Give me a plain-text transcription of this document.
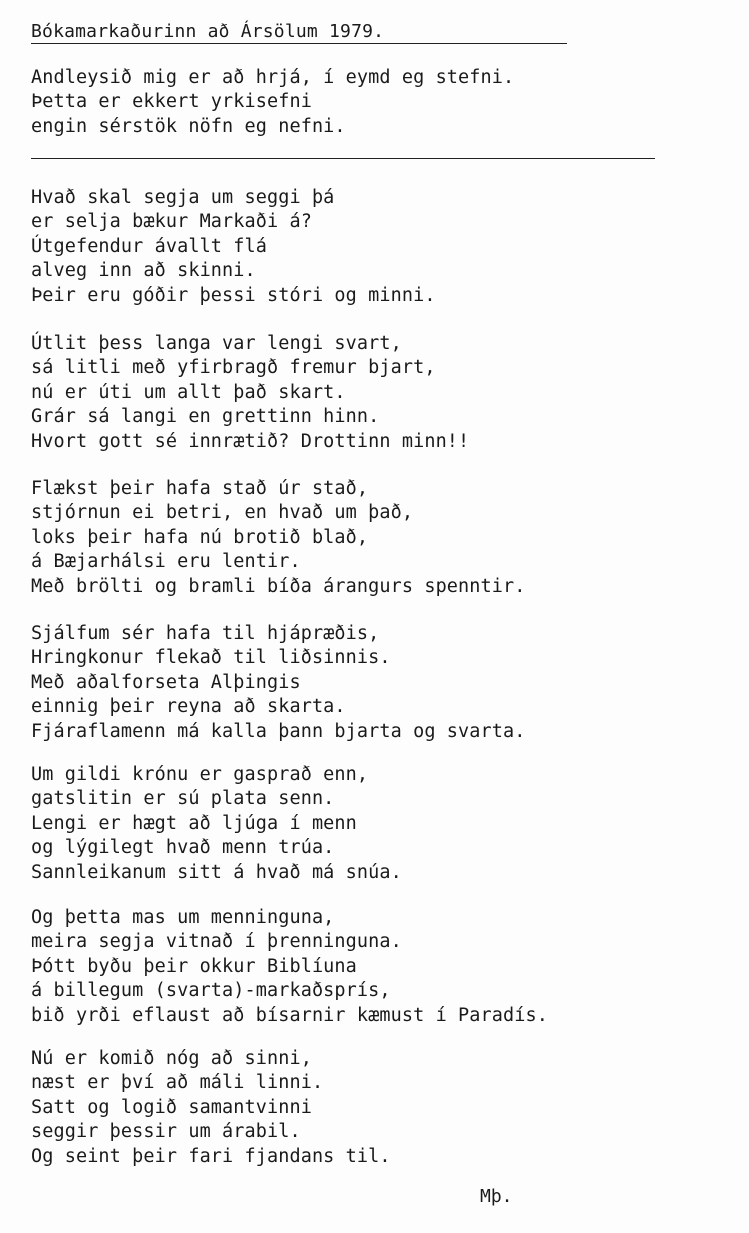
Bókamarkaðurinn að Ársölum 1979.
Andleysið mig er að hrjá, í eymd eg stefni.
Þetta er ekkert yrkisefni
engin sérstök nöfn eg nefni.
Hvað skal segja um seggi þá
er selja bækur Markaði á?
Útgefendur ávallt flá
alveg inn að skinni.
Þeir eru góðir þessi stóri og minni.
Útlit þess langa var lengi svart,
sá litli með yfirbragð fremur bjart,
nú er úti um allt það skart.
Grár sá langi en grettinn hinn.
Hvort gott sé innrætið? Drottinn minn!!
Flækst þeir hafa stað úr stað,
stjórnun ei betri, en hvað um það,
loks þeir hafa nú brotið blað,
á Bæjarhálsi eru lentir.
Með brölti og bramli bíða árangurs spenntir.
Sjálfum sér hafa til hjápræðis,
Hringkonur flekað til liðsinnis.
Með aðalforseta Alþingis
einnig þeir reyna að skarta.
Fjáraflamenn má kalla þann bjarta og svarta.
Um gildi krónu er gasprað enn,
gatslitin er sú plata senn.
Lengi er hægt að ljúga í menn
og lýgilegt hvað menn trúa.
Sannleikanum sitt á hvað má snúa.
Og þetta mas um menninguna,
meira segja vitnað í þrenninguna.
Þótt byðu þeir okkur Biblíuna
á billegum (svarta)-markaðsprís,
bið yrði eflaust að bísarnir kæmust í Paradís.
Nú er komið nóg að sinni,
næst er því að máli linni.
Satt og logið samantvinni
seggir þessir um árabil.
Og seint þeir fari fjandans til.
Mþ.
